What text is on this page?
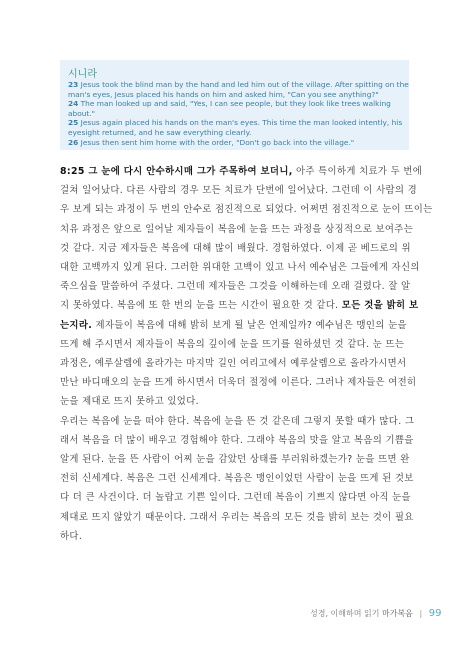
시니라
23 Jesus took the blind man by the hand and led him out of the village. After spitting on the
man's eyes, Jesus placed his hands on him and asked him, "Can you see anything?"
24 The man looked up and said, "Yes, I can see people, but they look like trees walking
about."
25 Jesus again placed his hands on the man's eyes. This time the man looked intently, his
eyesight returned, and he saw everything clearly.
26 Jesus then sent him home with the order, "Don't go back into the village."
8:25 그 눈에 다시 안수하시매 그가 주목하여 보더니, 아주 특이하게 치료가 두 번에
걸쳐 일어났다. 다른 사람의 경우 모든 치료가 단번에 일어났다. 그런데 이 사람의 경
우 보게 되는 과정이 두 번의 안수로 점진적으로 되었다. 어쩌면 점진적으로 눈이 뜨이는
치유 과정은 앞으로 일어날 제자들이 복음에 눈을 뜨는 과정을 상징적으로 보여주는
것 같다. 지금 제자들은 복음에 대해 많이 배웠다. 경험하였다. 이제 곧 베드로의 위
대한 고백까지 있게 된다. 그러한 위대한 고백이 있고 나서 예수님은 그들에게 자신의
죽으심을 말씀하여 주셨다. 그런데 제자들은 그것을 이해하는데 오래 걸렸다. 잘 알
지 못하였다. 복음에 또 한 번의 눈을 뜨는 시간이 필요한 것 같다. 모든 것을 밝히 보
는지라. 제자들이 복음에 대해 밝히 보게 될 날은 언제일까? 예수님은 맹인의 눈을
뜨게 해 주시면서 제자들이 복음의 깊이에 눈을 뜨기를 원하셨던 것 같다. 눈 뜨는
과정은, 예루살렘에 올라가는 마지막 길인 여리고에서 예루살렘으로 올라가시면서
만난 바디매오의 눈을 뜨게 하시면서 더욱더 절정에 이른다. 그러나 제자들은 여전히
눈을 제대로 뜨지 못하고 있었다.
우리는 복음에 눈을 떠야 한다. 복음에 눈을 뜬 것 같은데 그렇지 못할 때가 많다. 그
래서 복음을 더 많이 배우고 경험해야 한다. 그래야 복음의 맛을 알고 복음의 기쁨을
알게 된다. 눈을 뜬 사람이 어찌 눈을 감았던 상태를 부러워하겠는가? 눈을 뜨면 완
전히 신세계다. 복음은 그런 신세계다. 복음은 맹인이었던 사람이 눈을 뜨게 된 것보
다 더 큰 사건이다. 더 놀랍고 기쁜 일이다. 그런데 복음이 기쁘지 않다면 아직 눈을
제대로 뜨지 않았기 때문이다. 그래서 우리는 복음의 모든 것을 밝히 보는 것이 필요
하다.
성경, 이해하며 읽기 마가복음 | 99
